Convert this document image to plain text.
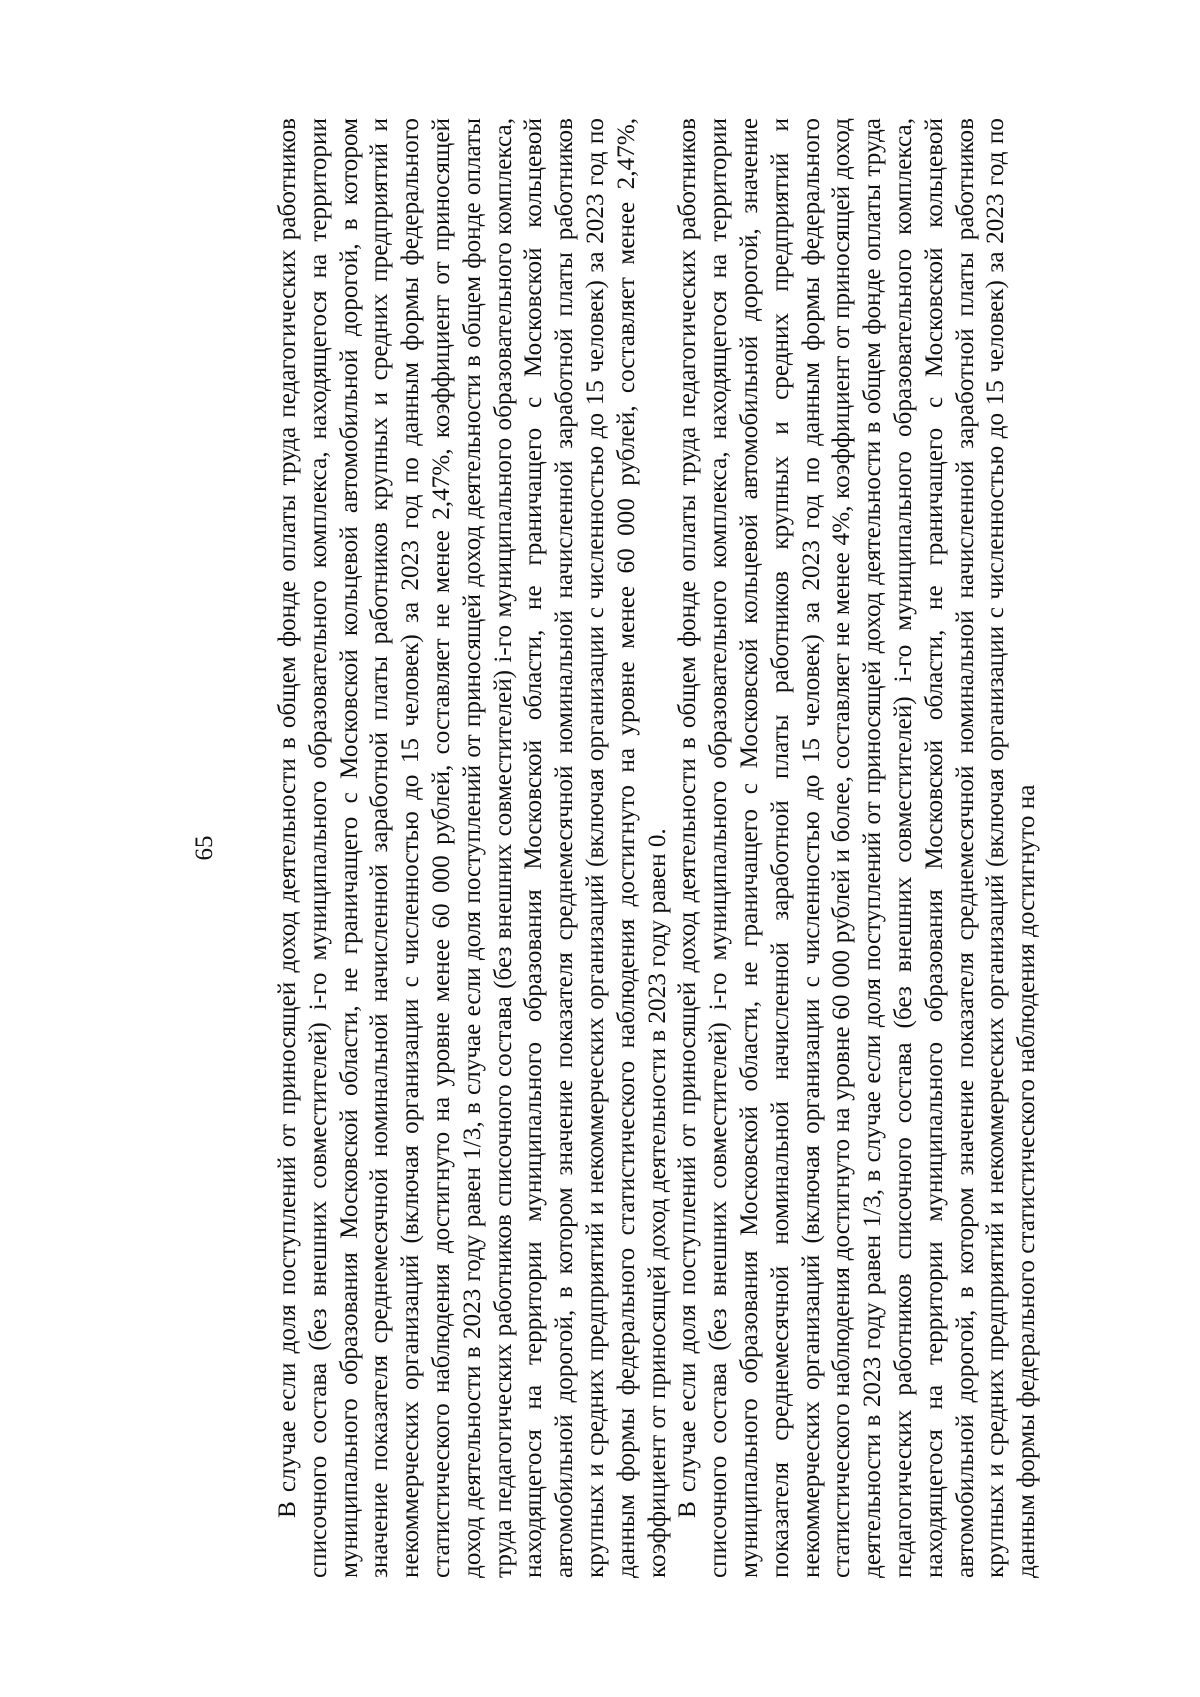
65 В случае если доля поступлений от приносящей доход деятельности в общем фонде оплаты труда педагогических работников списочного состава (без внешних совместителей) i-го муниципального образовательного комплекса, находящегося на территории муниципального образования Московской области, не граничащего с Московской кольцевой автомобильной дорогой, в котором значение показателя среднемесячной номинальной начисленной заработной платы работников крупных и средних предприятий и некоммерческих организаций (включая организации с численностью до 15 человек) за 2023 год по данным формы федерального статистического наблюдения достигнуто на уровне менее 60 000 рублей, составляет не менее 2,47%, коэффициент от приносящей доход деятельности в 2023 году равен 1/3, в случае если доля поступлений от приносящей доход деятельности в общем фонде оплаты труда педагогических работников списочного состава (без внешних совместителей) i-го муниципального образовательного комплекса, находящегося на территории муниципального образования Московской области, не граничащего с Московской кольцевой автомобильной дорогой, в котором значение показателя среднемесячной номинальной начисленной заработной платы работников крупных и средних предприятий и некоммерческих организаций (включая организации с численностью до 15 человек) за 2023 год по данным формы федерального статистического наблюдения достигнуто на уровне менее 60 000 рублей, составляет менее 2,47%, коэффициент от приносящей доход деятельности в 2023 году равен 0. В случае если доля поступлений от приносящей доход деятельности в общем фонде оплаты труда педагогических работников списочного состава (без внешних совместителей) i-го муниципального образовательного комплекса, находящегося на территории муниципального образования Московской области, не граничащего с Московской кольцевой автомобильной дорогой, значение показателя среднемесячной номинальной начисленной заработной платы работников крупных и средних предприятий и некоммерческих организаций (включая организации с численностью до 15 человек) за 2023 год по данным формы федерального статистического наблюдения достигнуто на уровне 60 000 рублей и более, составляет не менее 4%, коэффициент от приносящей доход деятельности в 2023 году равен 1/3, в случае если доля поступлений от приносящей доход деятельности в общем фонде оплаты труда педагогических работников списочного состава (без внешних совместителей) i-го муниципального образовательного комплекса, находящегося на территории муниципального образования Московской области, не граничащего с Московской кольцевой автомобильной дорогой, в котором значение показателя среднемесячной номинальной начисленной заработной платы работников крупных и средних предприятий и некоммерческих организаций (включая организации с численностью до 15 человек) за 2023 год по данным формы федерального статистического наблюдения достигнуто на
